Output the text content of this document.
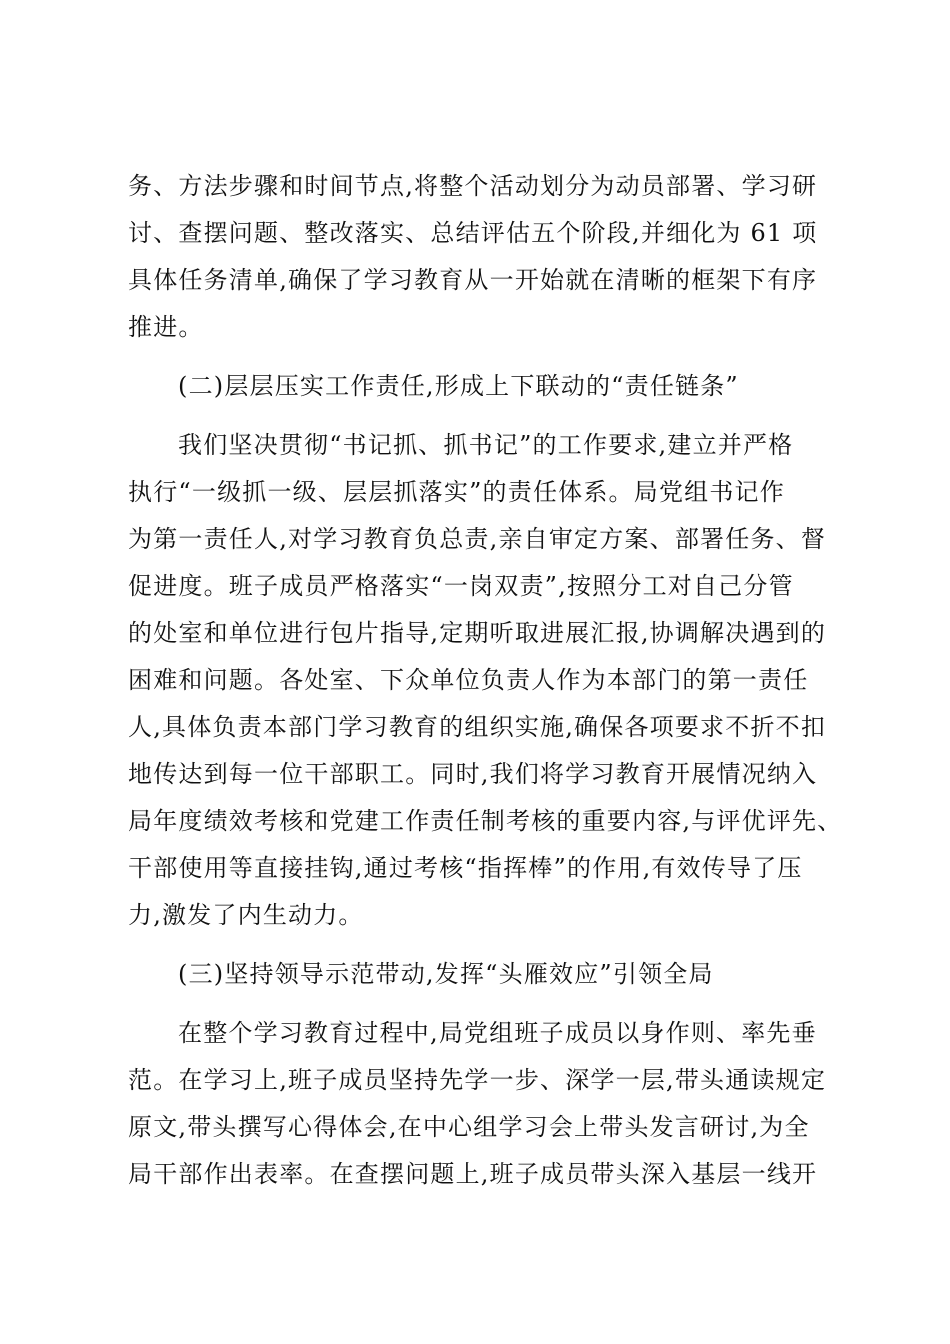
务、方法步骤和时间节点,将整个活动划分为动员部署、学习研
讨、查摆问题、整改落实、总结评估五个阶段,并细化为 61 项
具体任务清单,确保了学习教育从一开始就在清晰的框架下有序
推进。
(二)层层压实工作责任,形成上下联动的“责任链条”
我们坚决贯彻“书记抓、抓书记”的工作要求,建立并严格
执行“一级抓一级、层层抓落实”的责任体系。局党组书记作
为第一责任人,对学习教育负总责,亲自审定方案、部署任务、督
促进度。班子成员严格落实“一岗双责”,按照分工对自己分管
的处室和单位进行包片指导,定期听取进展汇报,协调解决遇到的
困难和问题。各处室、下众单位负责人作为本部门的第一责任
人,具体负责本部门学习教育的组织实施,确保各项要求不折不扣
地传达到每一位干部职工。同时,我们将学习教育开展情况纳入
局年度绩效考核和党建工作责任制考核的重要内容,与评优评先、
干部使用等直接挂钩,通过考核“指挥棒”的作用,有效传导了压
力,激发了内生动力。
(三)坚持领导示范带动,发挥“头雁效应”引领全局
在整个学习教育过程中,局党组班子成员以身作则、率先垂
范。在学习上,班子成员坚持先学一步、深学一层,带头通读规定
原文,带头撰写心得体会,在中心组学习会上带头发言研讨,为全
局干部作出表率。在查摆问题上,班子成员带头深入基层一线开
